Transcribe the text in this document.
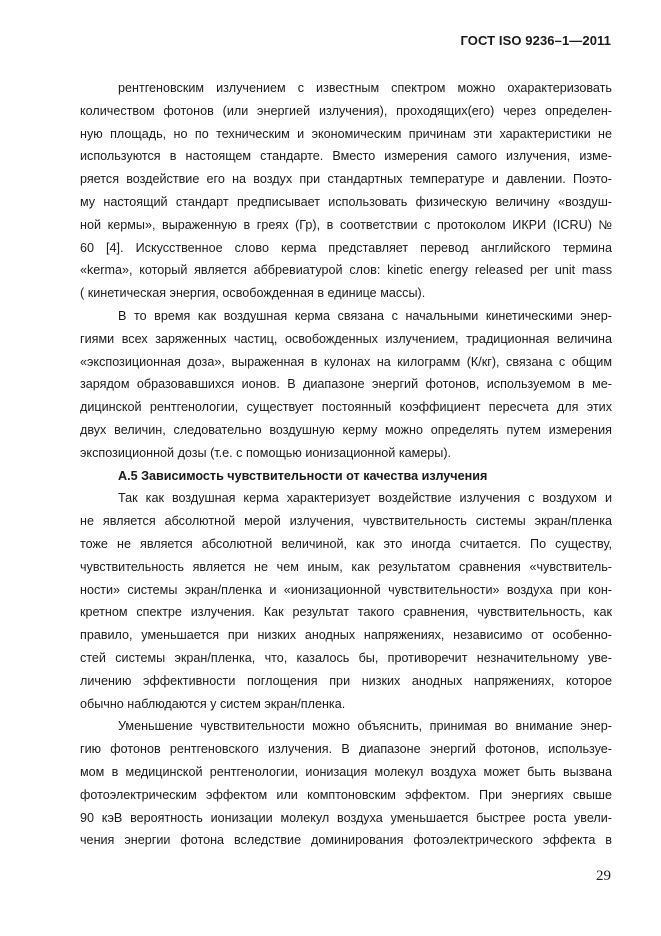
ГОСТ ISO 9236–1—2011
рентгеновским излучением с известным спектром можно охарактеризовать
количеством фотонов (или энергией излучения), проходящих(его) через определен-
ную площадь, но по техническим и экономическим причинам эти характеристики не
используются в настоящем стандарте. Вместо измерения самого излучения, изме-
ряется воздействие его на воздух при стандартных температуре и давлении. Поэто-
му настоящий стандарт предписывает использовать физическую величину «воздуш-
ной кермы», выраженную в греях (Гр), в соответствии с протоколом ИКРИ (ICRU) №
60 [4]. Искусственное слово керма представляет перевод английского термина
«kerma», который является аббревиатурой слов: kinetic energy released per unit mass
( кинетическая энергия, освобожденная в единице массы).
В то время как воздушная керма связана с начальными кинетическими энер-
гиями всех заряженных частиц, освобожденных излучением, традиционная величина
«экспозиционная доза», выраженная в кулонах на килограмм (К/кг), связана с общим
зарядом образовавшихся ионов. В диапазоне энергий фотонов, используемом в ме-
дицинской рентгенологии, существует постоянный коэффициент пересчета для этих
двух величин, следовательно воздушную керму можно определять путем измерения
экспозиционной дозы (т.е. с помощью ионизационной камеры).
А.5 Зависимость чувствительности от качества излучения
Так как воздушная керма характеризует воздействие излучения с воздухом и
не является абсолютной мерой излучения, чувствительность системы экран/пленка
тоже не является абсолютной величиной, как это иногда считается. По существу,
чувствительность является не чем иным, как результатом сравнения «чувствитель-
ности» системы экран/пленка и «ионизационной чувствительности» воздуха при кон-
кретном спектре излучения. Как результат такого сравнения, чувствительность, как
правило, уменьшается при низких анодных напряжениях, независимо от особенно-
стей системы экран/пленка, что, казалось бы, противоречит незначительному уве-
личению эффективности поглощения при низких анодных напряжениях, которое
обычно наблюдаются у систем экран/пленка.
Уменьшение чувствительности можно объяснить, принимая во внимание энер-
гию фотонов рентгеновского излучения. В диапазоне энергий фотонов, используе-
мом в медицинской рентгенологии, ионизация молекул воздуха может быть вызвана
фотоэлектрическим эффектом или комптоновским эффектом. При энергиях свыше
90 кэВ вероятность ионизации молекул воздуха уменьшается быстрее роста увели-
чения энергии фотона вследствие доминирования фотоэлектрического эффекта в
29
